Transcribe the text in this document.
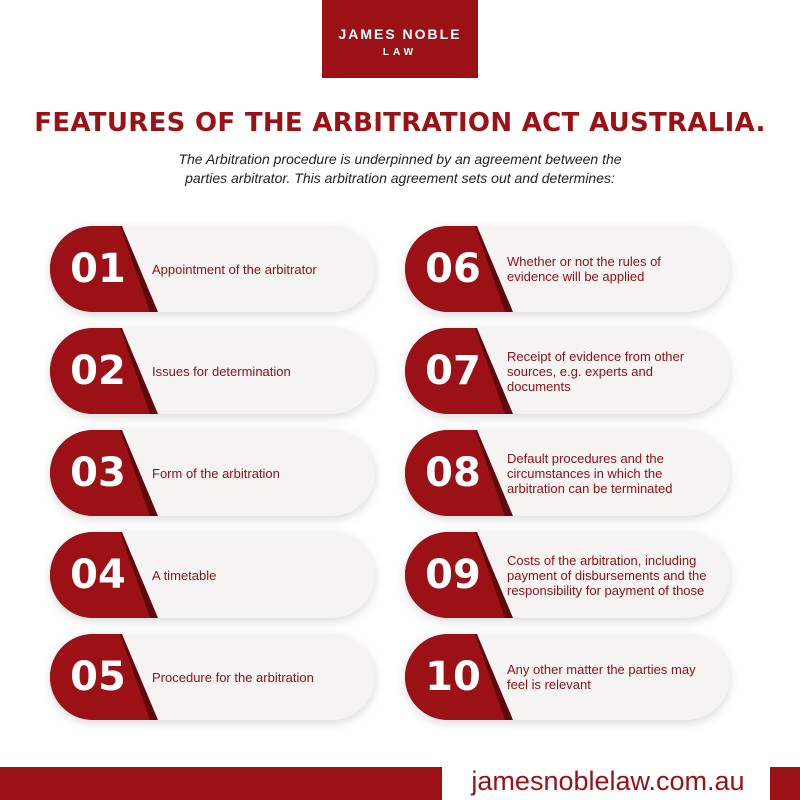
JAMES NOBLE
LAW
FEATURES OF THE ARBITRATION ACT AUSTRALIA.
The Arbitration procedure is underpinned by an agreement between the
parties arbitrator. This arbitration agreement sets out and determines:
01	Appointment of the arbitrator
02	Issues for determination
03	Form of the arbitration
04	A timetable
05	Procedure for the arbitration
06	Whether or not the rules of evidence will be applied
07	Receipt of evidence from other sources, e.g. experts and documents
08	Default procedures and the circumstances in which the arbitration can be terminated
09	Costs of the arbitration, including payment of disbursements and the responsibility for payment of those
10	Any other matter the parties may feel is relevant
jamesnoblelaw.com.au
